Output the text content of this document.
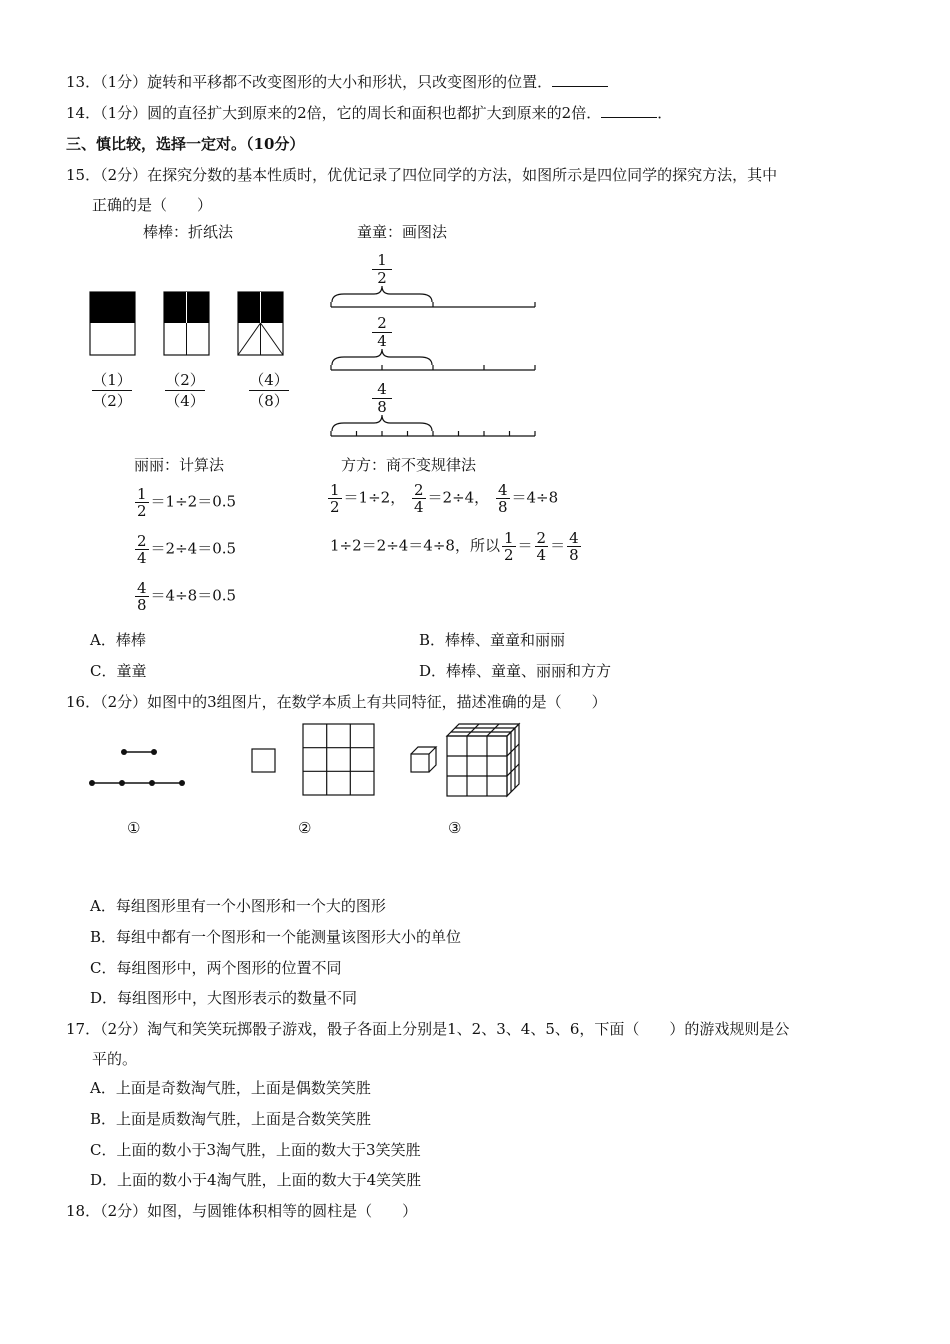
13．（1分）旋转和平移都不改变图形的大小和形状，只改变图形的位置．
14．（1分）圆的直径扩大到原来的2倍，它的周长和面积也都扩大到原来的2倍．	．
三、慎比较，选择一定对。（10分）
15．（2分）在探究分数的基本性质时，优优记录了四位同学的方法，如图所示是四位同学的探究方法，其中
正确的是（　　）
棒棒：折纸法	童童：画图法
$\frac{(1)}{(2)} \frac{(2)}{(4)}$	$\frac{(4)}{(8)}$
$\frac{1}{2}$
$\frac{2}{4}$
$\frac{4}{8}$
丽丽：计算法	方方：商不变规律法
$\frac{1}{2} =1\div 2=0.5$
$\frac{2}{4} =2\div 4=0.5$
$\frac{4}{8} =4\div 8=0.5$
$\frac{1}{2} =1\div 2$， $\frac{2}{4} =2\div 4$， $\frac{4}{8} =4\div 8$
1÷2＝2÷4＝4÷8，所以 $\frac{1}{2} = \frac{2}{4} = \frac{4}{8}$
A．棒棒	B．棒棒、童童和丽丽
C．童童	D．棒棒、童童、丽丽和方方
16．（2分）如图中的3组图片，在数学本质上有共同特征，描述准确的是（　　）
①	②	③
A．每组图形里有一个小图形和一个大的图形
B．每组中都有一个图形和一个能测量该图形大小的单位
C．每组图形中，两个图形的位置不同
D．每组图形中，大图形表示的数量不同
17．（2分）淘气和笑笑玩掷骰子游戏，骰子各面上分别是1、2、3、4、5、6，下面（　　）的游戏规则是公
平的。
A．上面是奇数淘气胜，上面是偶数笑笑胜
B．上面是质数淘气胜，上面是合数笑笑胜
C．上面的数小于3淘气胜，上面的数大于3笑笑胜
D．上面的数小于4淘气胜，上面的数大于4笑笑胜
18．（2分）如图，与圆锥体积相等的圆柱是（　　）
